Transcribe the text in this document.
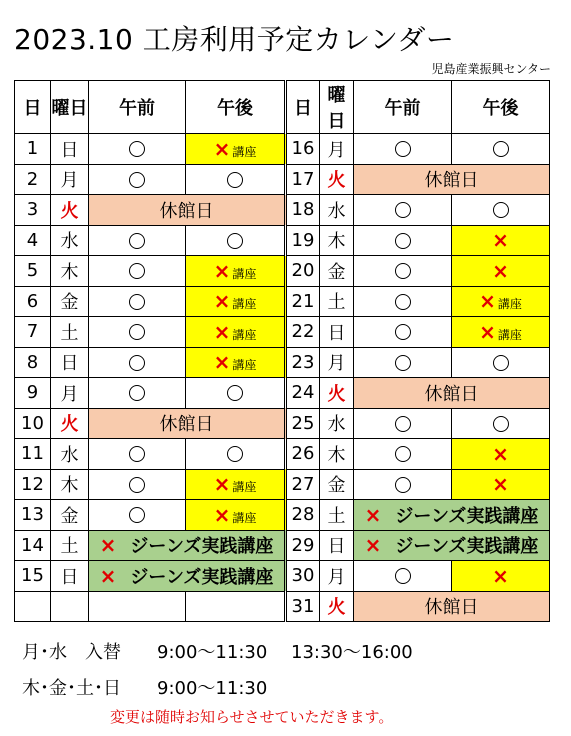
2023.10 工房利用予定カレンダー
児島産業振興センター
日	曜日	午前	午後	日	曜日	午前	午後
1	日		× 講座	16	月		
2	月			17	火	休館日	
3	火	休館日		18	水		
4	水			19	木		×
5	木		× 講座	20	金		×
6	金		× 講座	21	土		× 講座
7	土		× 講座	22	日		× 講座
8	日		× 講座	23	月		
9	月			24	火	休館日	
10	火	休館日		25	水		
11	水			26	木		×
12	木		× 講座	27	金		×
13	金		× 講座	28	土	× ジーンズ実践講座	
14	土	× ジーンズ実践講座		29	日	× ジーンズ実践講座	
15	日	× ジーンズ実践講座		30	月		×
				31	火	休館日	
月･水　入替　　9:00～11:30　 13:30～16:00
木･金･土･日　　9:00～11:30
変更は随時お知らせさせていただきます。
